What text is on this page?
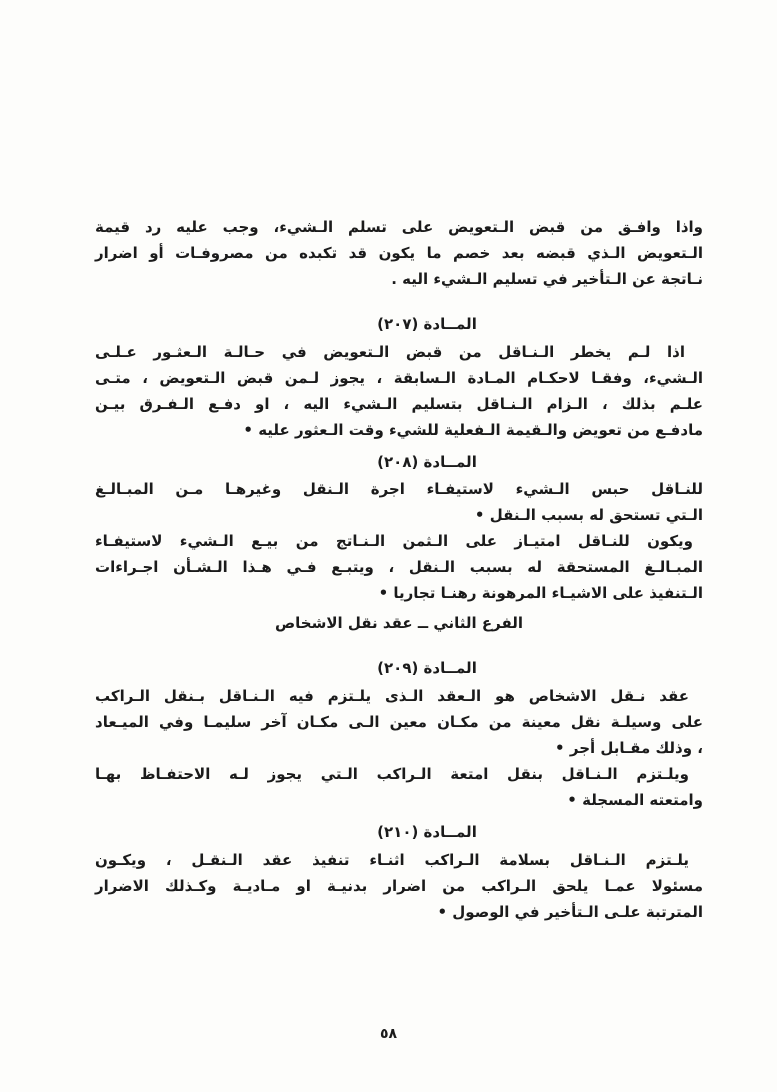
واذا وافـق من قبض الـتعويض على تسلم الـشيء، وجب عليه رد قيمة
الـتعويض الـذي قبضه بعد خصم ما يكون قد تكبده من مصروفـات أو اضرار
نـاتجة عن الـتأخير في تسليم الـشيء اليه .
المــادة (٢٠٧)
اذا لـم يخطر الـنـاقل من قبض الـتعويض في حـالـة الـعثـور عـلـى
الـشيء، وفقـا لاحكـام المـادة الـسابقة ، يجوز لـمن قبض الـتعويض ، متـى
علـم بذلك ، الـزام الـنـاقل بتسليم الـشيء اليه ، او دفـع الـفـرق بيـن
مادفـع من تعويض والـقيمة الـفعلية للشيء وقت الـعثور عليه •
المــادة (٢٠٨)
للنـاقل حبس الـشيء لاستيفـاء اجرة الـنقل وغيرهـا مـن المبـالـغ
الـتي تستحق له بسبب الـنقل •
ويكون للنـاقل امتيـاز على الـثمن الـنـاتج من بيـع الـشيء لاستيفـاء
المبـالـغ المستحقة له بسبب الـنقل ، ويتبـع فـي هـذا الـشـأن اجـراءات
الـتنفيذ على الاشيـاء المرهونة رهنـا تجاريا •
الفرع الثاني ــ عقد نقل الاشخاص
المــادة (٢٠٩)
عقد نـقل الاشخاص هو الـعقد الـذى يلـتزم فيه الـنـاقل بـنقل الـراكب
على وسيلـة نقل معينة من مكـان معين الـى مكـان آخر سليمـا وفي الميـعاد
، وذلك مقـابل أجر •
ويلـتزم الـنـاقل بنقل امتعة الـراكب الـتي يجوز لـه الاحتفـاظ بهـا
وامتعته المسجلة •
المــادة (٢١٠)
يلـتزم الـنـاقل بسلامة الـراكب اثنـاء تنفيذ عقد الـنقـل ، ويكـون
مسئولا عمـا يلحق الـراكب من اضرار بدنيـة او مـاديـة وكـذلك الاضرار
المترتبة علـى الـتأخير في الوصول •
٥٨
